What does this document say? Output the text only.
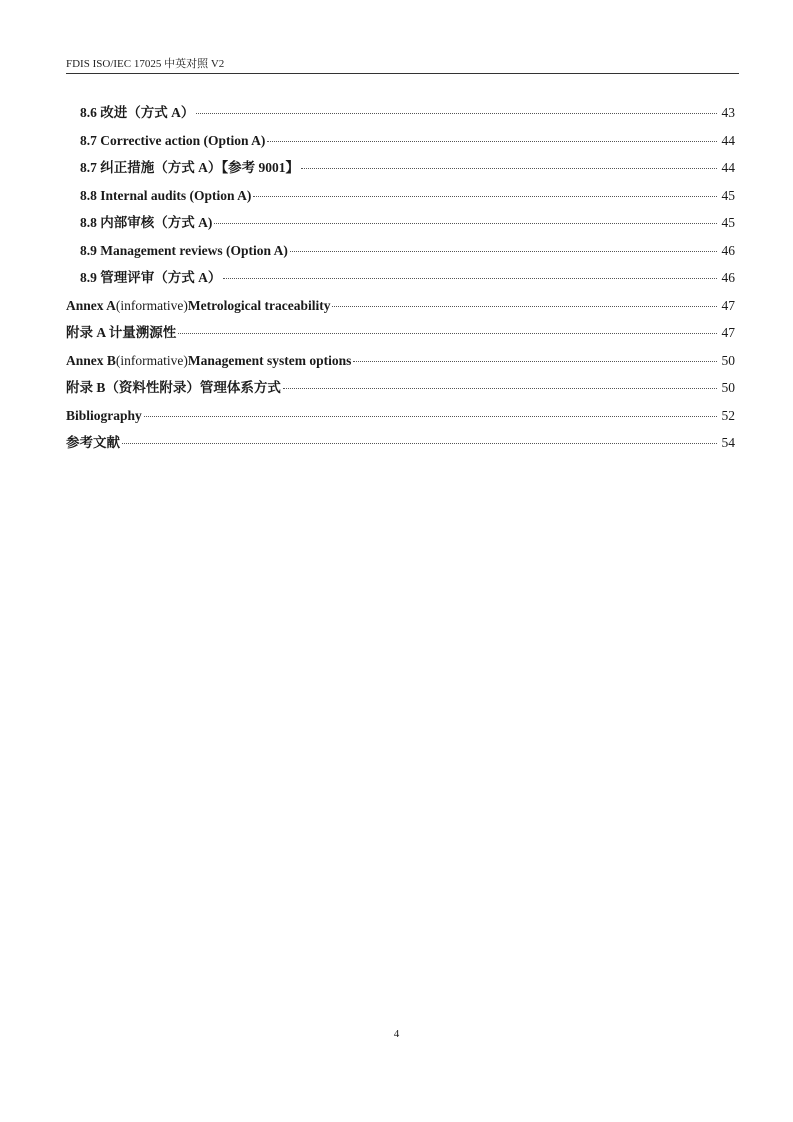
FDIS ISO/IEC 17025 中英对照 V2
8.6 改进（方式 A）	43
8.7 Corrective action (Option A)	44
8.7 纠正措施（方式 A）【参考 9001】	44
8.8 Internal audits (Option A)	45
8.8 内部审核（方式 A)	45
8.9 Management reviews (Option A)	46
8.9 管理评审（方式 A）	46
Annex A(informative)Metrological traceability	47
附录 A 计量溯源性	47
Annex B(informative)Management system options	50
附录 B（资料性附录）管理体系方式	50
Bibliography	52
参考文献	54
4
